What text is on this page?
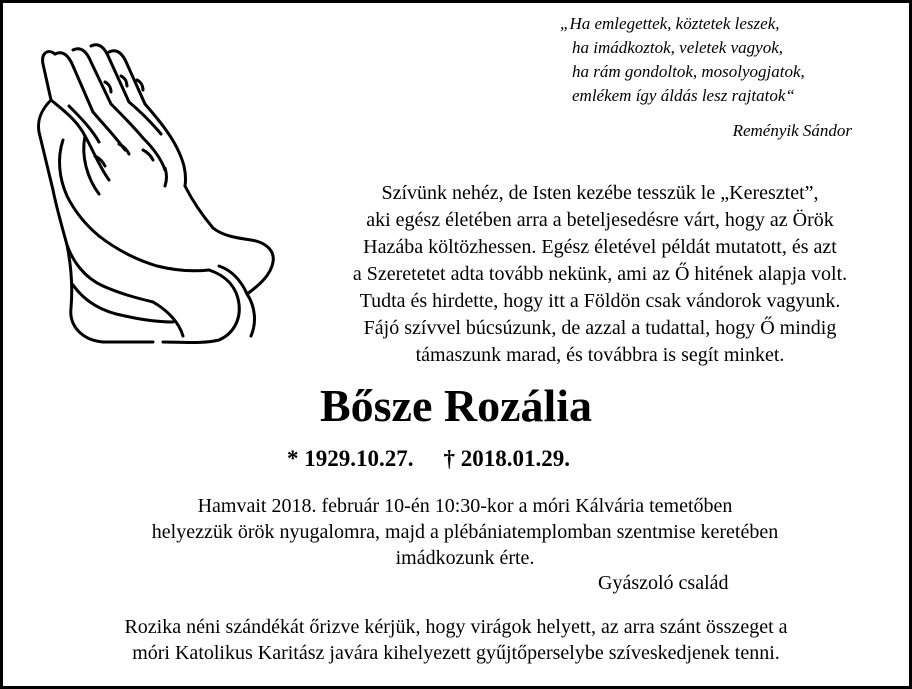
„Ha emlegettek, köztetek leszek,
ha imádkoztok, veletek vagyok,
ha rám gondoltok, mosolyogjatok,
emlékem így áldás lesz rajtatok“
Reményik Sándor
Szívünk nehéz, de Isten kezébe tesszük le „Keresztet”,
aki egész életében arra a beteljesedésre várt, hogy az Örök
Hazába költözhessen. Egész életével példát mutatott, és azt
a Szeretetet adta tovább nekünk, ami az Ő hitének alapja volt.
Tudta és hirdette, hogy itt a Földön csak vándorok vagyunk.
Fájó szívvel búcsúzunk, de azzal a tudattal, hogy Ő mindig
támaszunk marad, és továbbra is segít minket.
Bősze Rozália
* 1929.10.27. † 2018.01.29.
Hamvait 2018. február 10-én 10:30-kor a móri Kálvária temetőben
helyezzük örök nyugalomra, majd a plébániatemplomban szentmise keretében
imádkozunk érte.
Gyászoló család
Rozika néni szándékát őrizve kérjük, hogy virágok helyett, az arra szánt összeget a
móri Katolikus Karitász javára kihelyezett gyűjtőperselybe szíveskedjenek tenni.
